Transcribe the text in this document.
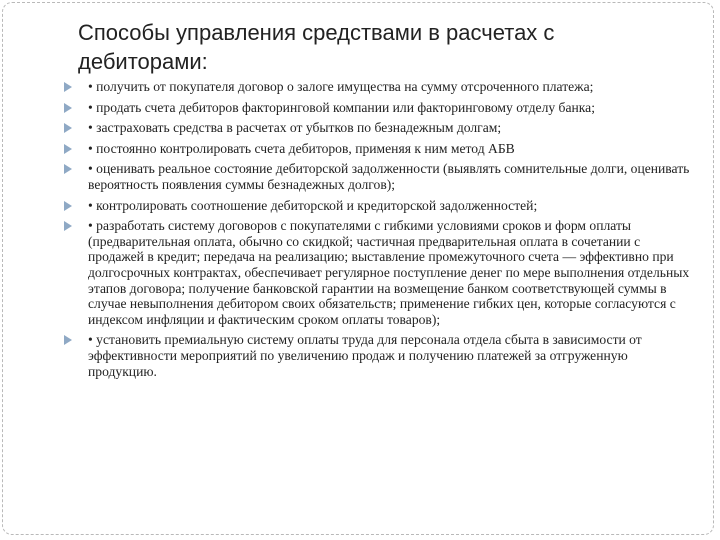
Способы управления средствами в расчетах с дебиторами:
• получить от покупателя договор о залоге имущества на сумму отсроченного платежа;
• продать счета дебиторов факторинговой компании или факторинговому отделу банка;
• застраховать средства в расчетах от убытков по безнадежным долгам;
• постоянно контролировать счета дебиторов, применяя к ним метод АБВ
• оценивать реальное состояние дебиторской задолженности (выявлять сомнительные долги, оценивать вероятность появления суммы безнадежных долгов);
• контролировать соотношение дебиторской и кредиторской задолженностей;
• разработать систему договоров с покупателями с гибкими условиями сроков и форм оплаты (предварительная оплата, обычно со скидкой; частичная предварительная оплата в сочетании с продажей в кредит; передача на реализацию; выставление промежуточного счета — эффективно при долгосрочных контрактах, обеспечивает регулярное поступление денег по мере выполнения отдельных этапов договора; получение банковской гарантии на возмещение банком соответствующей суммы в случае невыполнения дебитором своих обязательств; применение гибких цен, которые согласуются с индексом инфляции и фактическим сроком оплаты товаров);
• установить премиальную систему оплаты труда для персонала отдела сбыта в зависимости от эффективности мероприятий по увеличению продаж и получению платежей за отгруженную продукцию.
